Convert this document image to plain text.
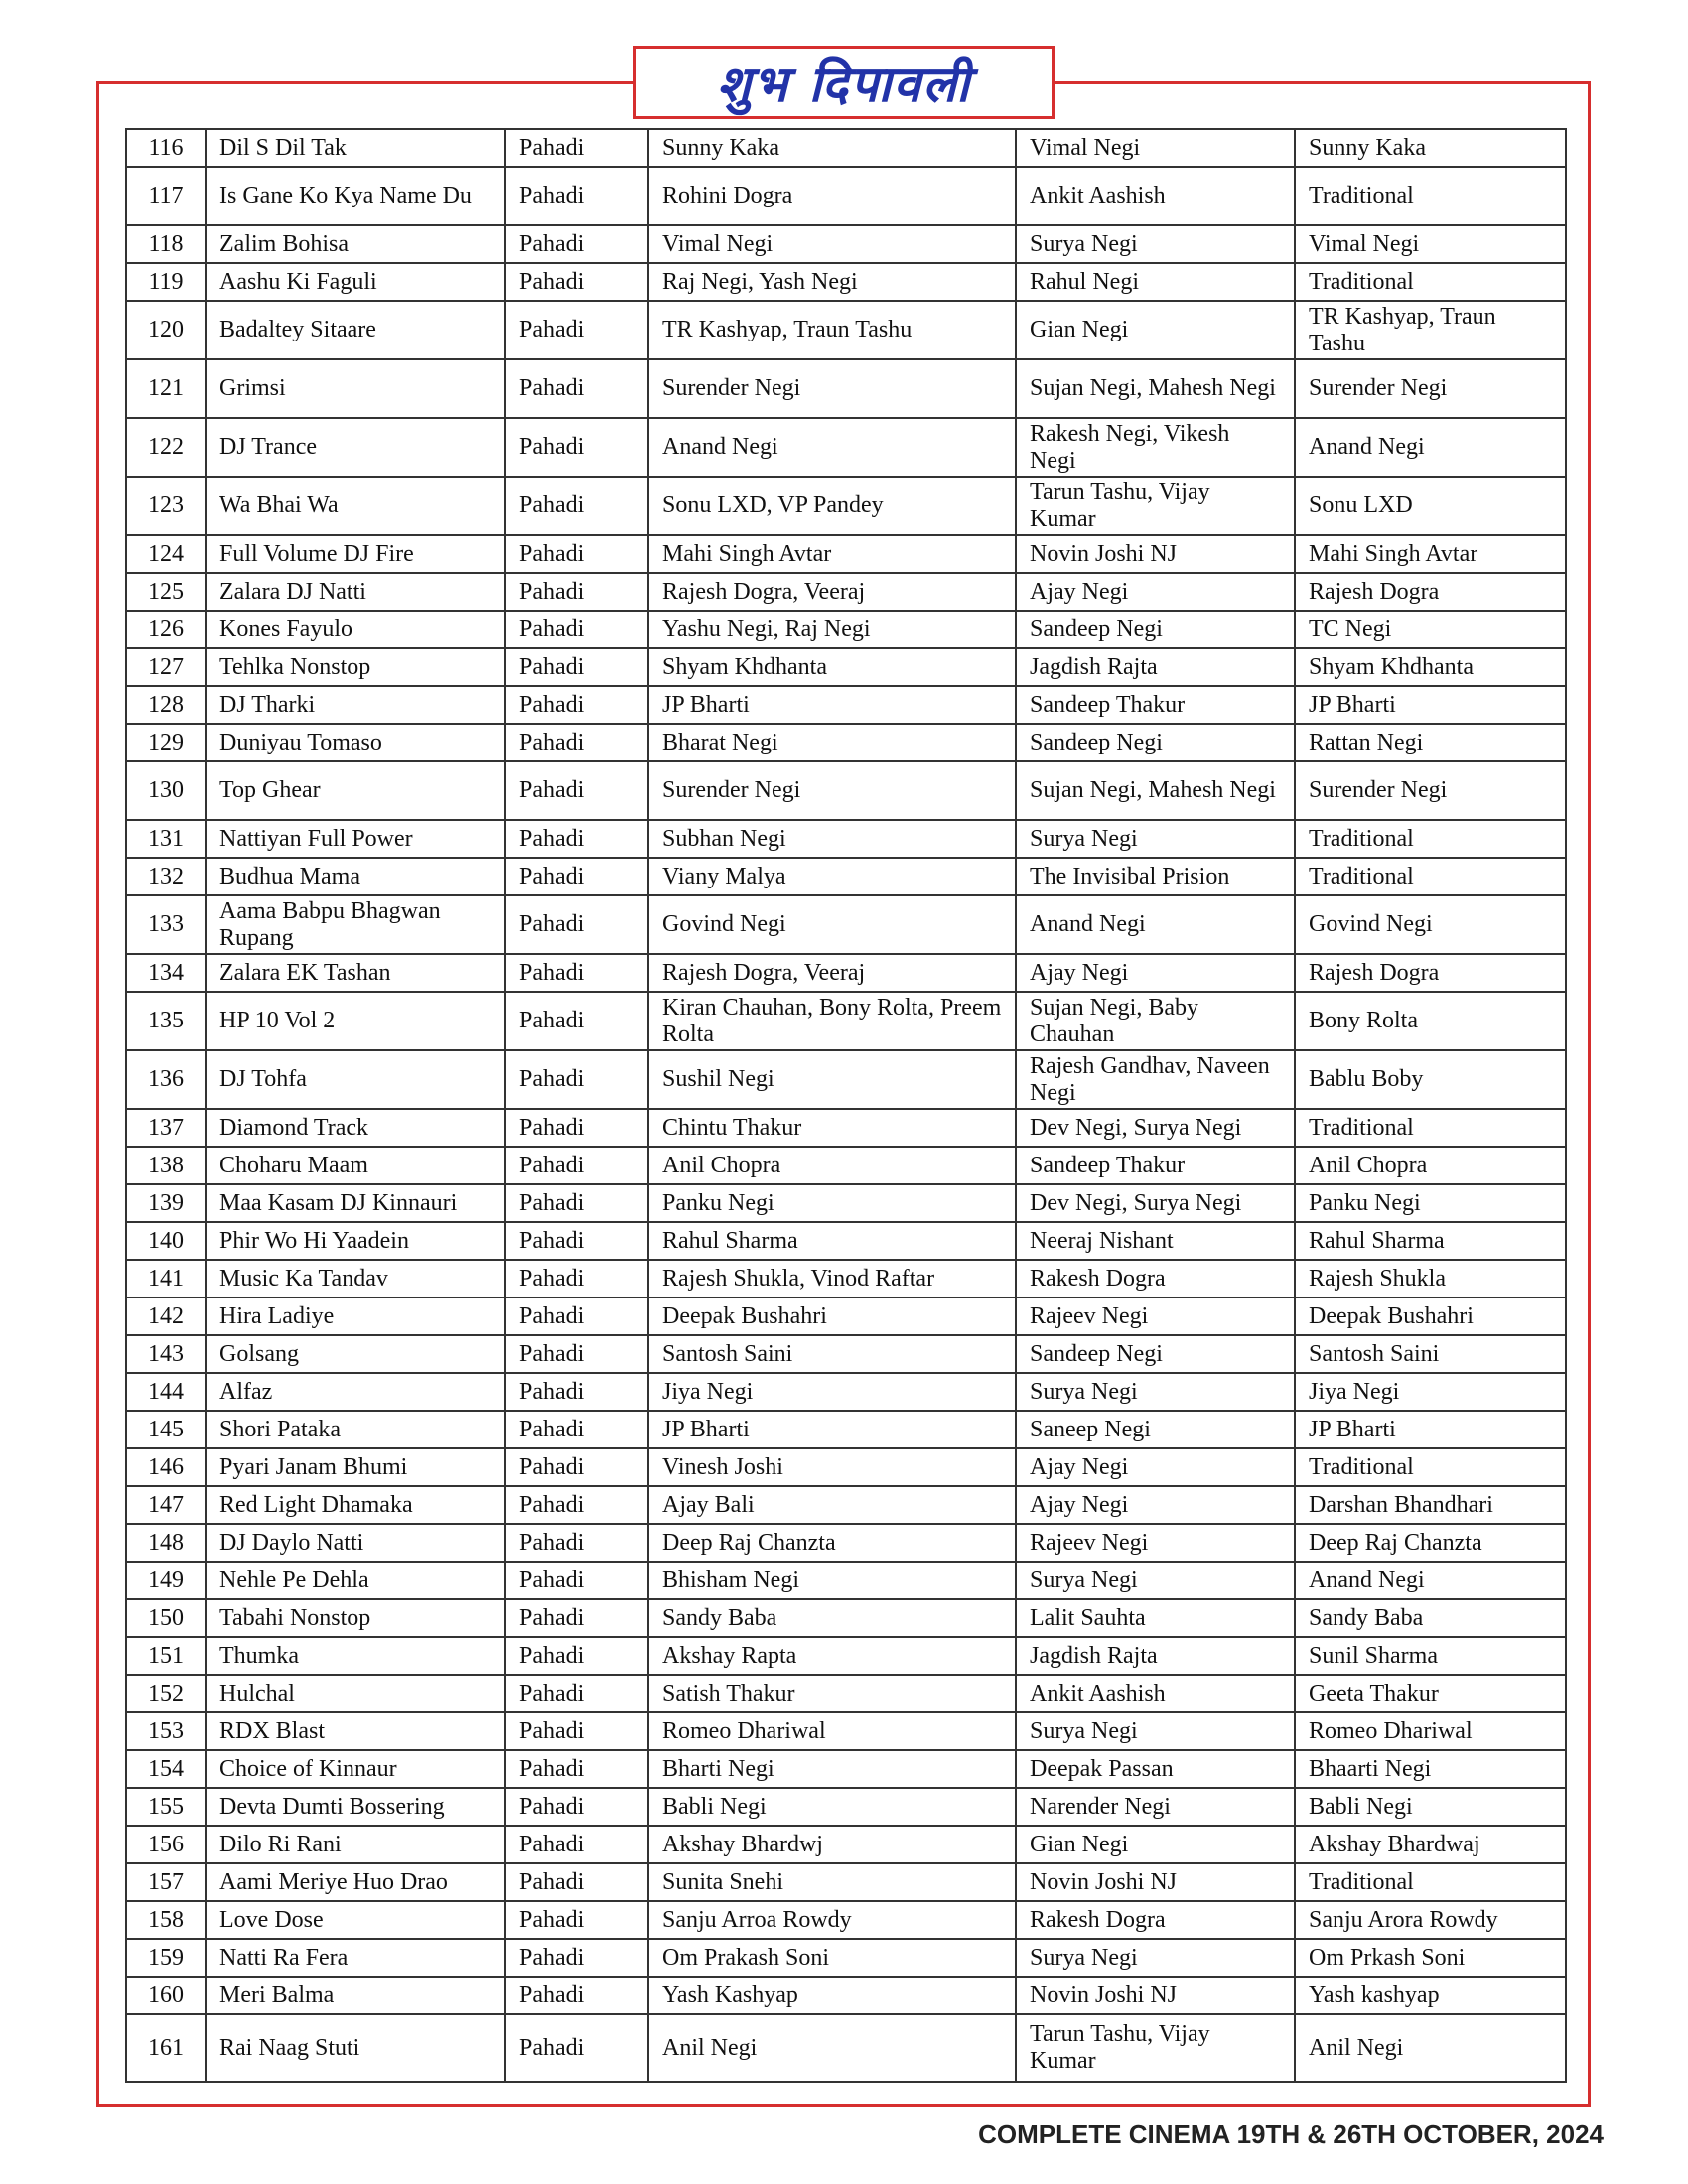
शुभ दिपावली
116	Dil S Dil Tak	Pahadi	Sunny Kaka	Vimal Negi	Sunny Kaka
117	Is Gane Ko Kya Name Du	Pahadi	Rohini Dogra	Ankit Aashish	Traditional
118	Zalim Bohisa	Pahadi	Vimal Negi	Surya Negi	Vimal Negi
119	Aashu Ki Faguli	Pahadi	Raj Negi, Yash Negi	Rahul Negi	Traditional
120	Badaltey Sitaare	Pahadi	TR Kashyap, Traun Tashu	Gian Negi	TR Kashyap, Traun Tashu
121	Grimsi	Pahadi	Surender Negi	Sujan Negi, Mahesh Negi	Surender Negi
122	DJ Trance	Pahadi	Anand Negi	Rakesh Negi, Vikesh Negi	Anand Negi
123	Wa Bhai Wa	Pahadi	Sonu LXD, VP Pandey	Tarun Tashu, Vijay Kumar	Sonu LXD
124	Full Volume DJ Fire	Pahadi	Mahi Singh Avtar	Novin Joshi NJ	Mahi Singh Avtar
125	Zalara DJ Natti	Pahadi	Rajesh Dogra, Veeraj	Ajay Negi	Rajesh Dogra
126	Kones Fayulo	Pahadi	Yashu Negi, Raj Negi	Sandeep Negi	TC Negi
127	Tehlka Nonstop	Pahadi	Shyam Khdhanta	Jagdish Rajta	Shyam Khdhanta
128	DJ Tharki	Pahadi	JP Bharti	Sandeep Thakur	JP Bharti
129	Duniyau Tomaso	Pahadi	Bharat Negi	Sandeep Negi	Rattan Negi
130	Top Ghear	Pahadi	Surender Negi	Sujan Negi, Mahesh Negi	Surender Negi
131	Nattiyan Full Power	Pahadi	Subhan Negi	Surya Negi	Traditional
132	Budhua Mama	Pahadi	Viany Malya	The Invisibal Prision	Traditional
133	Aama Babpu Bhagwan Rupang	Pahadi	Govind Negi	Anand Negi	Govind Negi
134	Zalara EK Tashan	Pahadi	Rajesh Dogra, Veeraj	Ajay Negi	Rajesh Dogra
135	HP 10 Vol 2	Pahadi	Kiran Chauhan, Bony Rolta, Preem Rolta	Sujan Negi, Baby Chauhan	Bony Rolta
136	DJ Tohfa	Pahadi	Sushil Negi	Rajesh Gandhav, Naveen Negi	Bablu Boby
137	Diamond Track	Pahadi	Chintu Thakur	Dev Negi, Surya Negi	Traditional
138	Choharu Maam	Pahadi	Anil Chopra	Sandeep Thakur	Anil Chopra
139	Maa Kasam DJ Kinnauri	Pahadi	Panku Negi	Dev Negi, Surya Negi	Panku Negi
140	Phir Wo Hi Yaadein	Pahadi	Rahul Sharma	Neeraj Nishant	Rahul Sharma
141	Music Ka Tandav	Pahadi	Rajesh Shukla, Vinod Raftar	Rakesh Dogra	Rajesh Shukla
142	Hira Ladiye	Pahadi	Deepak Bushahri	Rajeev Negi	Deepak Bushahri
143	Golsang	Pahadi	Santosh Saini	Sandeep Negi	Santosh Saini
144	Alfaz	Pahadi	Jiya Negi	Surya Negi	Jiya Negi
145	Shori Pataka	Pahadi	JP Bharti	Saneep Negi	JP Bharti
146	Pyari Janam Bhumi	Pahadi	Vinesh Joshi	Ajay Negi	Traditional
147	Red Light Dhamaka	Pahadi	Ajay Bali	Ajay Negi	Darshan Bhandhari
148	DJ Daylo Natti	Pahadi	Deep Raj Chanzta	Rajeev Negi	Deep Raj Chanzta
149	Nehle Pe Dehla	Pahadi	Bhisham Negi	Surya Negi	Anand Negi
150	Tabahi Nonstop	Pahadi	Sandy Baba	Lalit Sauhta	Sandy Baba
151	Thumka	Pahadi	Akshay Rapta	Jagdish Rajta	Sunil Sharma
152	Hulchal	Pahadi	Satish Thakur	Ankit Aashish	Geeta Thakur
153	RDX Blast	Pahadi	Romeo Dhariwal	Surya Negi	Romeo Dhariwal
154	Choice of Kinnaur	Pahadi	Bharti Negi	Deepak Passan	Bhaarti Negi
155	Devta Dumti Bossering	Pahadi	Babli Negi	Narender Negi	Babli Negi
156	Dilo Ri Rani	Pahadi	Akshay Bhardwj	Gian Negi	Akshay Bhardwaj
157	Aami Meriye Huo Drao	Pahadi	Sunita Snehi	Novin Joshi NJ	Traditional
158	Love Dose	Pahadi	Sanju Arroa Rowdy	Rakesh Dogra	Sanju Arora Rowdy
159	Natti Ra Fera	Pahadi	Om Prakash Soni	Surya Negi	Om Prkash Soni
160	Meri Balma	Pahadi	Yash Kashyap	Novin Joshi NJ	Yash kashyap
161	Rai Naag Stuti	Pahadi	Anil Negi	Tarun Tashu, Vijay Kumar	Anil Negi
COMPLETE CINEMA 19TH & 26TH OCTOBER, 2024
